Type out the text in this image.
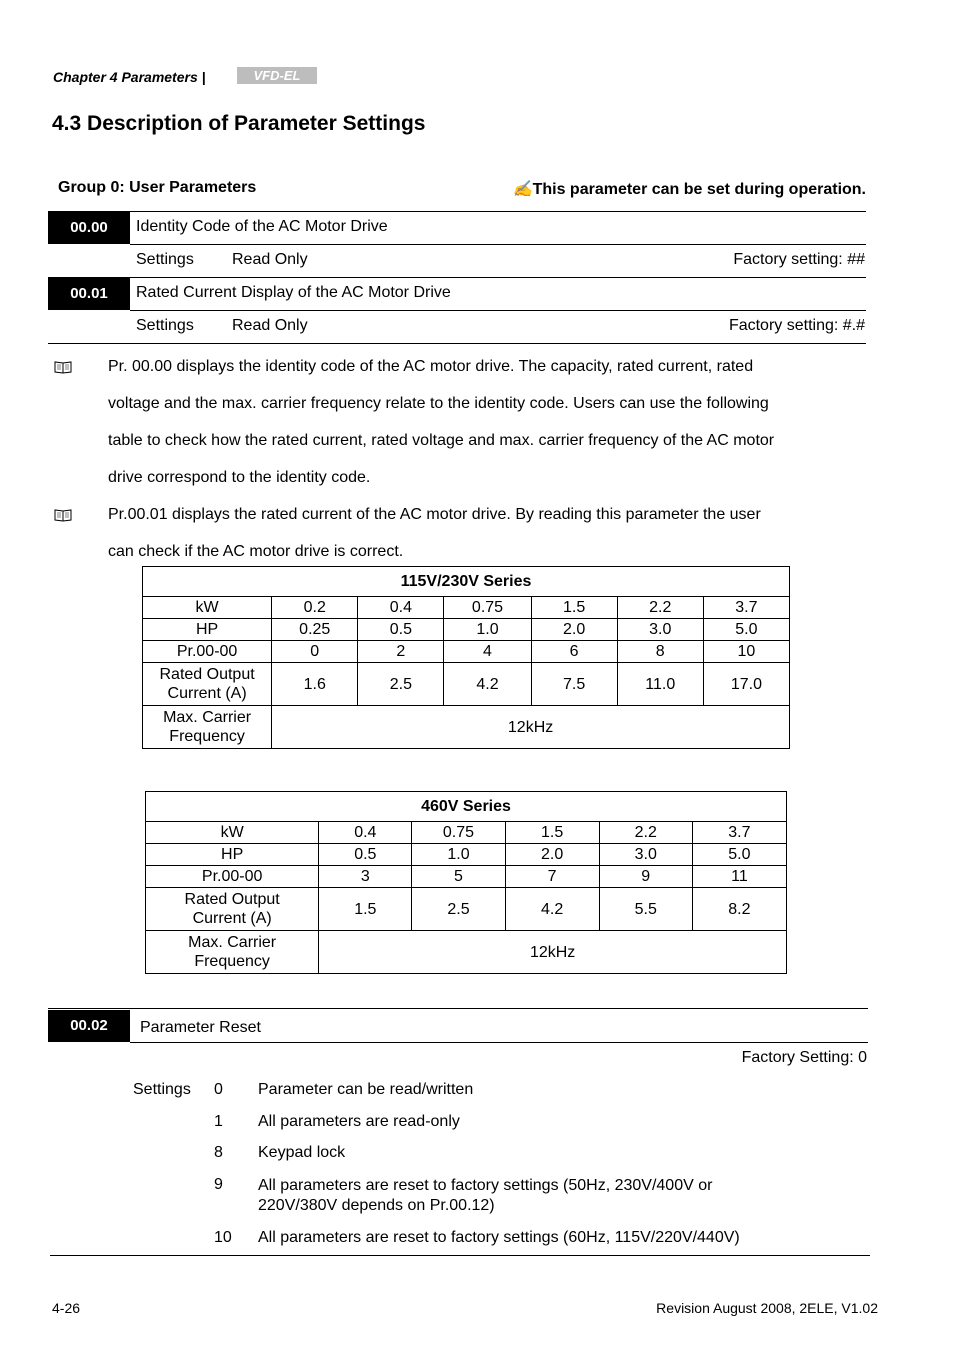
Chapter 4 Parameters |	VFD-EL
4.3 Description of Parameter Settings
Group 0: User Parameters	✍This parameter can be set during operation.
00.00	Identity Code of the AC Motor Drive
Settings Read Only	Factory setting: ##
00.01	Rated Current Display of the AC Motor Drive
Settings Read Only	Factory setting: #.#
Pr. 00.00 displays the identity code of the AC motor drive. The capacity, rated current, rated
voltage and the max. carrier frequency relate to the identity code. Users can use the following
table to check how the rated current, rated voltage and max. carrier frequency of the AC motor
drive correspond to the identity code.
Pr.00.01 displays the rated current of the AC motor drive. By reading this parameter the user
can check if the AC motor drive is correct.
115V/230V Series						
kW	0.2	0.4	0.75	1.5	2.2	3.7
HP	0.25	0.5	1.0	2.0	3.0	5.0
Pr.00-00	0	2	4	6	8	10
Rated Output
Current (A)	1.6	2.5	4.2	7.5	11.0	17.0
Max. Carrier
Frequency	12kHz					
460V Series					
kW	0.4	0.75	1.5	2.2	3.7
HP	0.5	1.0	2.0	3.0	5.0
Pr.00-00	3	5	7	9	11
Rated Output
Current (A)	1.5	2.5	4.2	5.5	8.2
Max. Carrier
Frequency	12kHz				
00.02	Parameter Reset
Factory Setting: 0
Settings 0 Parameter can be read/written
1 All parameters are read-only
8 Keypad lock
9 All parameters are reset to factory settings (50Hz, 230V/400V or
220V/380V depends on Pr.00.12)
10 All parameters are reset to factory settings (60Hz, 115V/220V/440V)
4-26	Revision August 2008, 2ELE, V1.02
